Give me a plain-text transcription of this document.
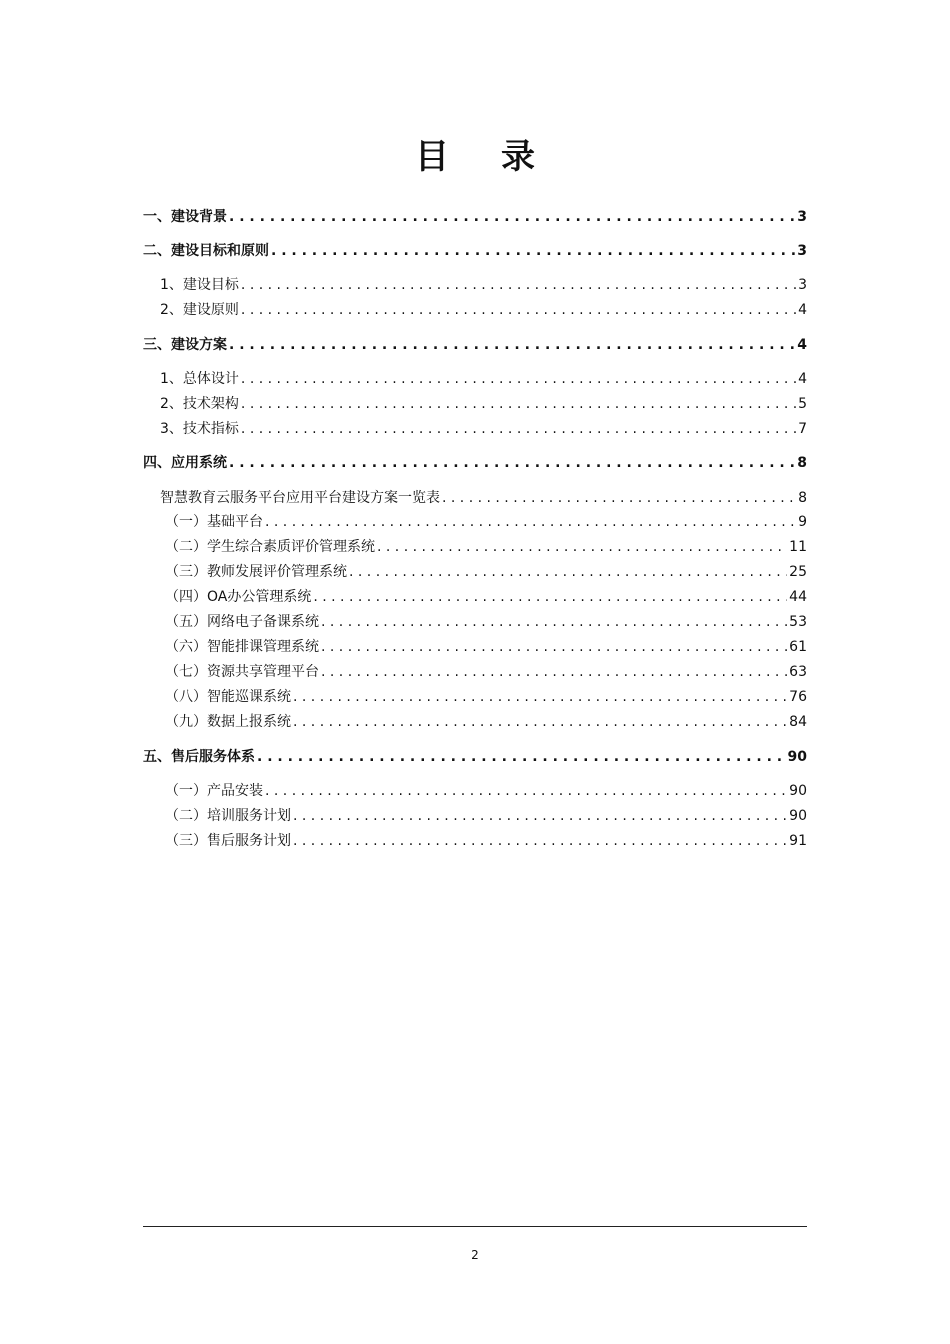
目 录
一、建设背景 . . .	3
二、建设目标和原则 . . .	3
1、建设目标 . . .	3
2、建设原则 . . .	4
三、建设方案 . . .	4
1、总体设计 . . .	4
2、技术架构 . . .	5
3、技术指标 . . .	7
四、应用系统 . . .	8
智慧教育云服务平台应用平台建设方案一览表 . . .	8
（一） 基础平台 . . .	9
（二） 学生综合素质评价管理系统 . . .	11
（三） 教师发展评价管理系统 . . .	25
（四） OA办公管理系统 . . .	44
（五） 网络电子备课系统 . . .	53
（六） 智能排课管理系统 . . .	61
（七） 资源共享管理平台 . . .	63
（八） 智能巡课系统 . . .	76
（九） 数据上报系统 . . .	84
五、售后服务体系 . . .	90
（一） 产品安装 . . .	90
（二） 培训服务计划 . . .	90
（三） 售后服务计划 . . .	91
2
